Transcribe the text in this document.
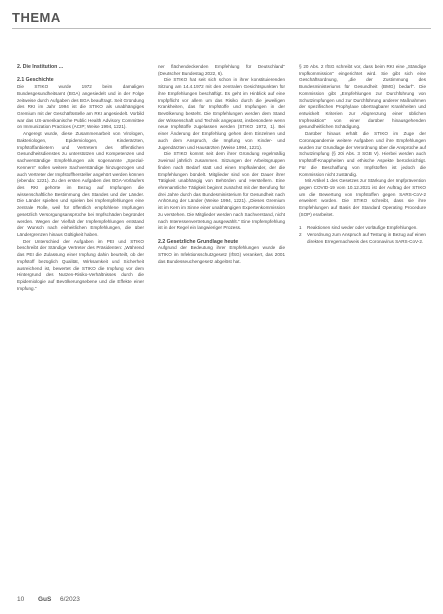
THEMA
2. Die Institution ...
2.1 Geschichte

Die STIKO wurde 1972 beim damaligen Bundesgesundheitsamt (BGA) angesiedelt und in der Folge zeitweise durch Aufgaben des BGA beauftragt. Seit Gründung des RKI im Jahr 1994 ist die STIKO als unabhängiges Gremium mit der Geschäftsstelle am RKI angesiedelt. Vorbild war das US-amerikanische Public Health Advisory Committee on Immunization Practices (ACIP; Weise 1994, 1221).

Angeregt wurde, diese Zusammenarbeit von Virologen, Bakteriologen, Epidemiologen, Kinderärzten, Impfstoffanbietern und Vertretern des öffentlichen Gesundheitsdienstes zu unterstützen und Kompetenzen und sachverständige Empfehlungen als sogenannte „Spezial-Kennern" sollen weitere Sachverständige hinzugezogen und auch Vertreter der Impfstoffhersteller angehört werden können (ebenda: 1221). Zu den ersten Aufgaben des BGA-Vorläufers des RKI gehörte im Bezug auf Impfungen die wissenschaftliche Bestimmung des Standes und der Länder. Die Länder spielten und spielen bei Impfempfehlungen eine zentrale Rolle, weil für öffentlich empfohlene Impfungen gesetzlich Versorgungsansprüche bei Impfschäden begründet werden. Wegen der Vielfalt der Impfempfehlungen entstand der Wunsch nach einheitlichen Empfehlungen, die über Ländergrenzen hinaus Gültigkeit haben.

Der Unterschied der Aufgaben im PEI und STIKO beschreibt der Ständige Vertreter des Präsidenten: „Während das PEI die Zulassung einer Impfung dahin beurteilt, ob der Impfstoff bezüglich Qualität, Wirksamkeit und Sicherheit ausreichend ist, bewertet die STIKO die Impfung vor dem Hintergrund des Nutzen-Risiko-Verhältnisses durch die Epidemiologie auf Bevölkerungsebene und die Effekte einer Impfung."

ner flächendeckenden Empfehlung für Deutschland" (Deutscher Bundestag 2022, 6).

Die STIKO hat seit sich schon in ihrer konstituierenden Sitzung am 14.4.1972 mit den zentralen Gesichtspunkten für ihre Empfehlungen beschäftigt. Es geht im Hinblick auf eine Impfpflicht vor allem um das Risiko durch die jeweiligen Krankheiten, das für Impfstoffe und Impfungen in der Bevölkerung besteht. Die Empfehlungen werden dem Stand der Wissenschaft und Technik angepasst, insbesondere wenn neue Impfstoffe zugelassen werden (STIKO 1972, 1). Bei einer Änderung der Empfehlung gehen dem Einzelnen und auch dem Anspruch, die Impfung von Kinder- und Jugendärzten und Hausärzten (Weise 1994, 1221).

Die STIKO kommt seit dem ihrer Gründung regelmäßig zweimal jährlich zusammen. Sitzungen der Arbeitsgruppen finden nach Bedarf statt und einen Impfkalender, der die Empfehlungen bündelt. Mitglieder sind von der Dauer ihrer Tätigkeit unabhängig von Behörden und Herstellern. Eine ehrenamtliche Tätigkeit beginnt zunächst mit der Berufung für drei Jahre durch das Bundesministerium für Gesundheit nach Anhörung der Länder (Weise 1994, 1221). „Dieses Gremium ist im Kern im Sinne einer unabhängigen Expertenkommission zu verstehen. Die Mitglieder werden nach Sachverstand, nicht nach Interessenvertretung ausgewählt." Eine Impfempfehlung ist in der Regel ein langwieriger Prozess.

2.2 Gesetzliche Grundlage heute

Aufgrund der Bedeutung ihrer Empfehlungen wurde die STIKO im Infektionsschutzgesetz (IfSG) verankert, das 2001 das Bundesseuchengesetz abgelöst hat.

§ 20 Abs. 2 IfSG schreibt vor, dass beim RKI eine „Ständige Impfkommission" eingerichtet wird. Sie gibt sich eine Geschäftsordnung, „die der Zustimmung des Bundesministeriums für Gesundheit (BMG) bedarf". Die Kommission gibt „Empfehlungen zur Durchführung von Schutzimpfungen und zur Durchführung anderer Maßnahmen der spezifischen Prophylaxe übertragbarer Krankheiten und entwickelt Kriterien zur Abgrenzung einer üblichen Impfreaktion" von einer darüber hinausgehenden gesundheitlichen Schädigung.

Darüber hinaus erhält die STIKO im Zuge der Coronapandemie weitere Aufgaben und ihre Empfehlungen wurden zur Grundlage der Verordnung über die Ansprüche auf Schutzimpfung (§ 20i Abs. 3 SGB V). Hierbei werden auch Impfstoff-Knappheiten und ethische Aspekte berücksichtigt. Für die Beschaffung von Impfstoffen ist jedoch die Kommission nicht zuständig.

Mit Artikel 1 des Gesetzes zur Stärkung der Impfprävention gegen COVID-19 vom 10.12.2021 ist der Auftrag der STIKO um die Bewertung von Impfstoffen gegen SARS-CoV-2 erweitert worden. Die STIKO schreibt, dass sie ihre Empfehlungen auf Basis der Standard Operating Procedure (SOP) erarbeitet.

1 Reaktionen sind weder oder vorläufige Empfehlungen.
2 Verordnung zum Anspruch auf Testung in Bezug auf einen direkten Erregernachweis des Coronavirus SARS-CoV-2.
10 GuS 6/2023
